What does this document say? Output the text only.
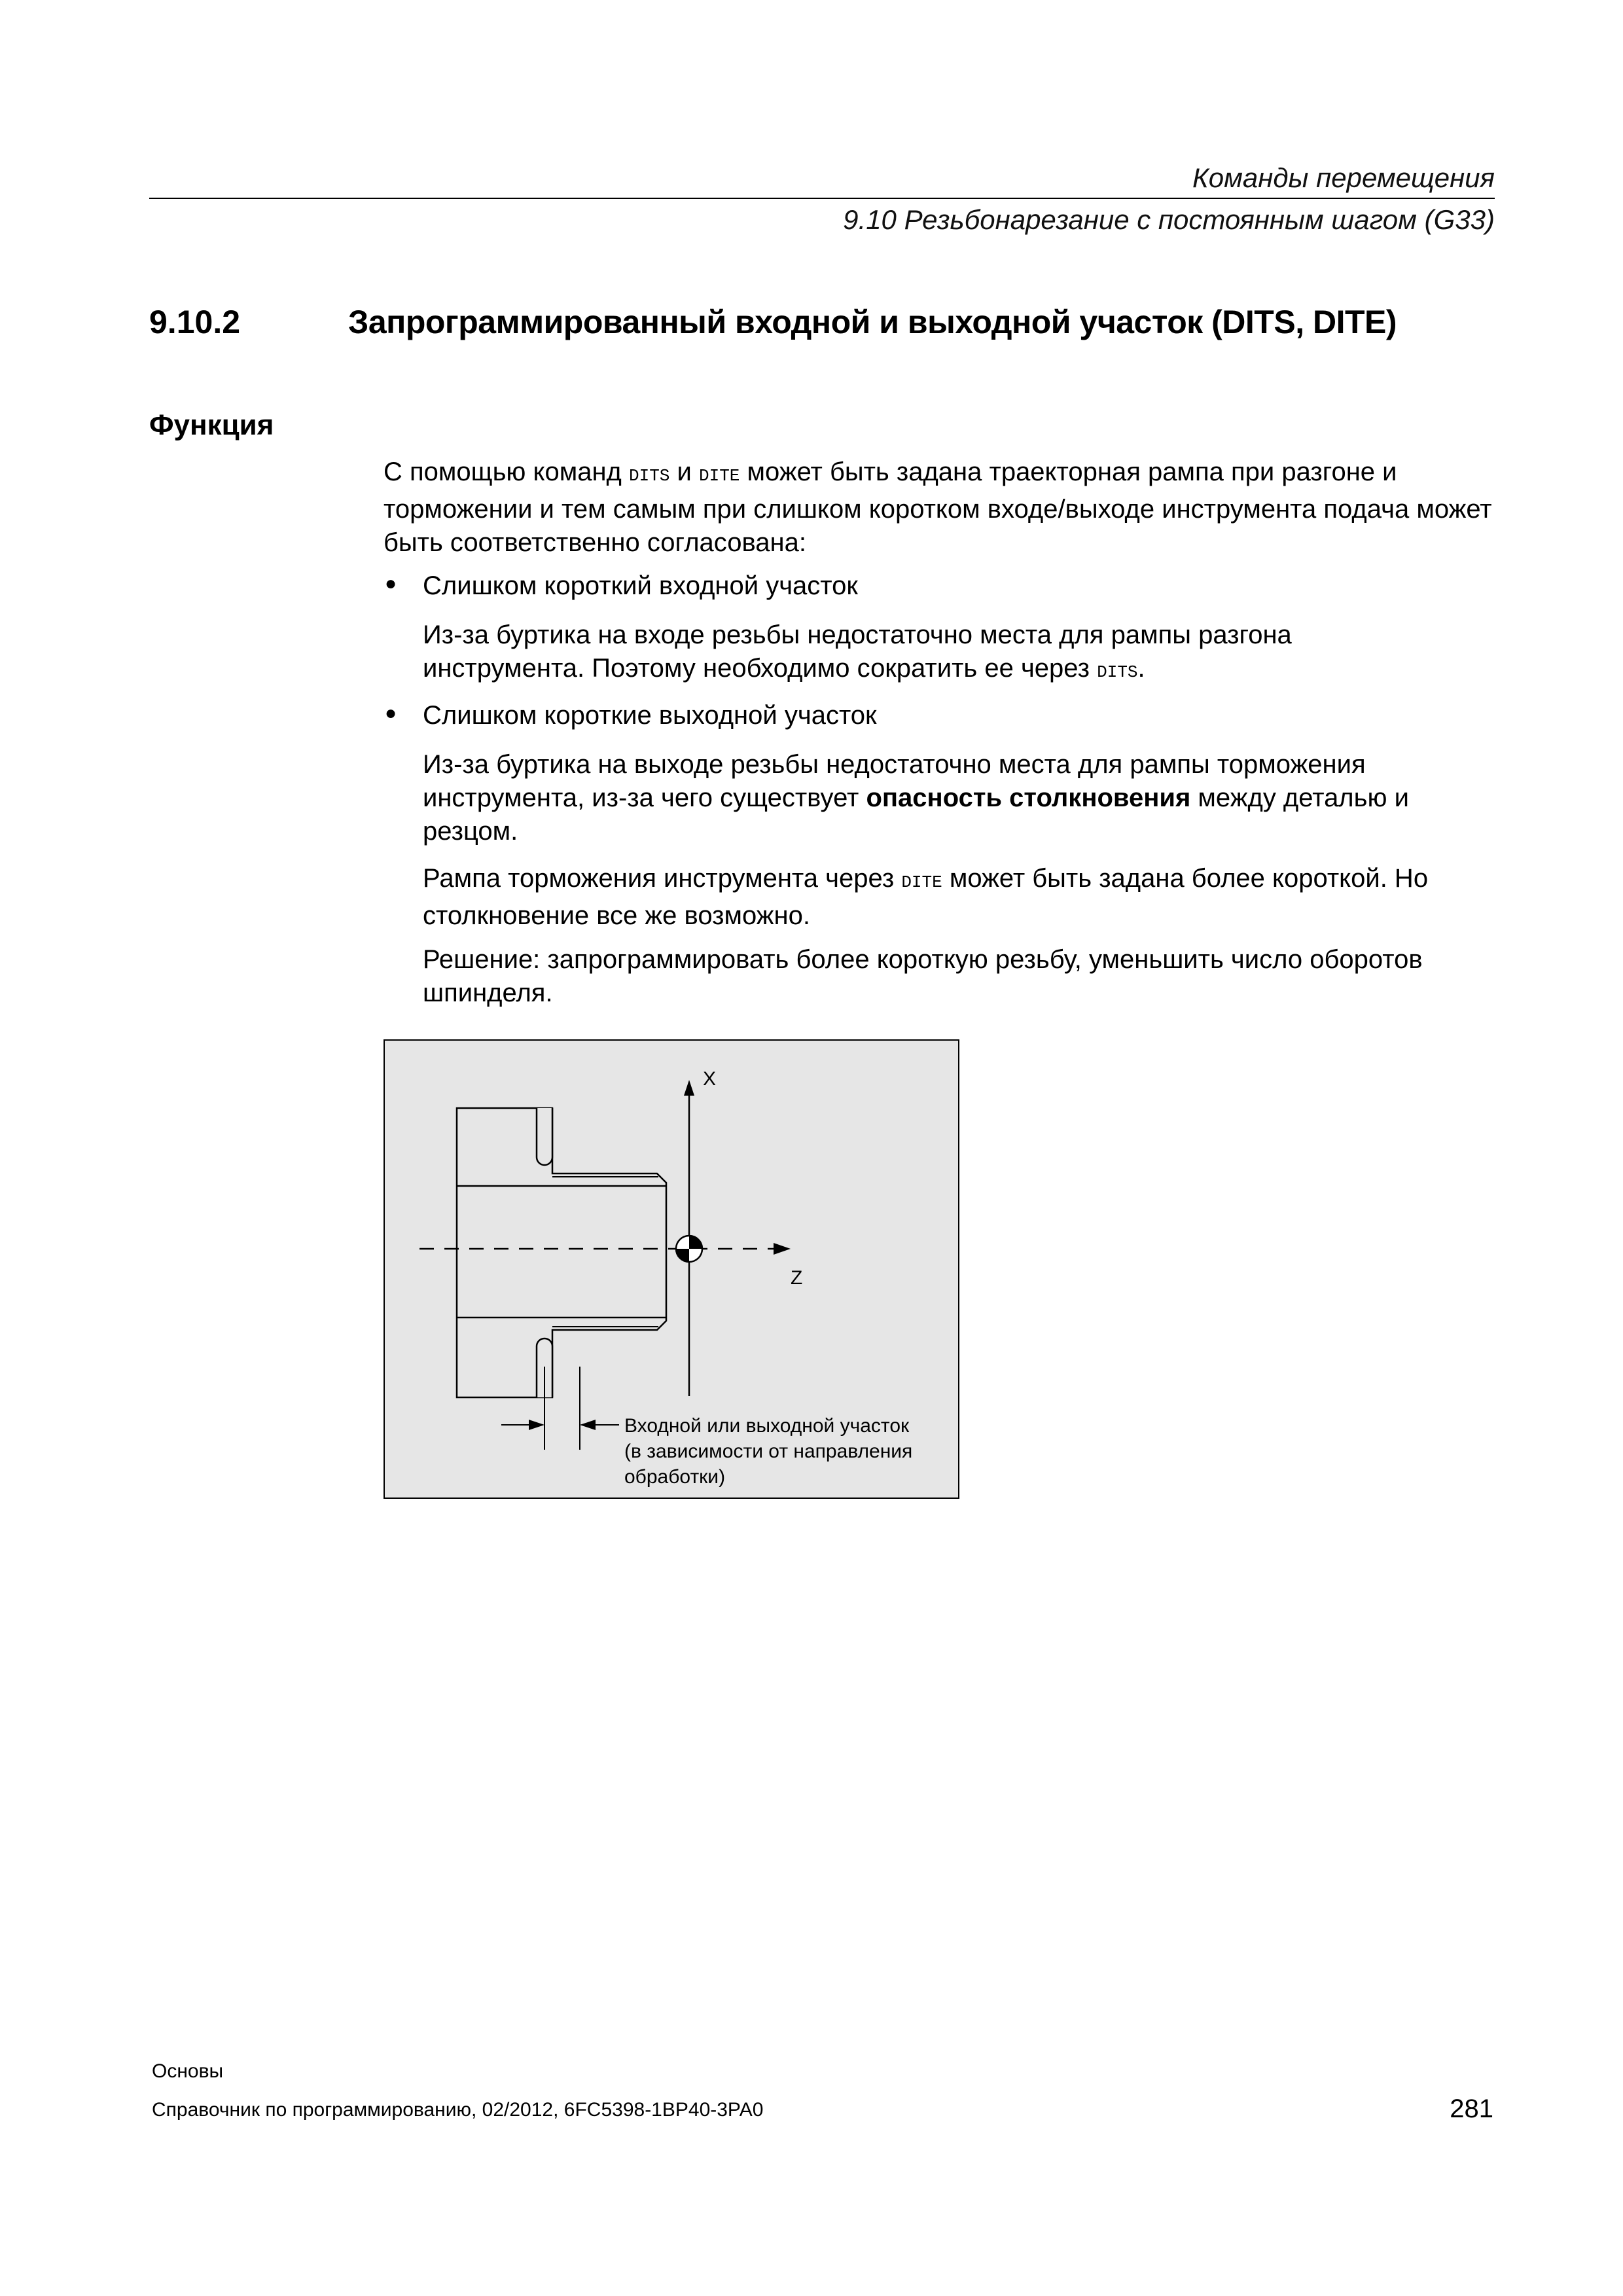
Команды перемещения
9.10 Резьбонарезание с постоянным шагом (G33)
9.10.2	Запрограммированный входной и выходной участок (DITS, DITE)
Функция
С помощью команд DITS и DITE может быть задана траекторная рампа при разгоне и торможении и тем самым при слишком коротком входе/выходе инструмента подача может быть соответственно согласована:
● Слишком короткий входной участок
Из-за буртика на входе резьбы недостаточно места для рампы разгона инструмента. Поэтому необходимо сократить ее через DITS.
● Слишком короткие выходной участок
Из-за буртика на выходе резьбы недостаточно места для рампы торможения инструмента, из-за чего существует опасность столкновения между деталью и резцом.
Рампа торможения инструмента через DITE может быть задана более короткой. Но столкновение все же возможно.
Решение: запрограммировать более короткую резьбу, уменьшить число оборотов шпинделя.
X
Z
Входной или выходной участок
(в зависимости от направления
обработки)
Основы
Справочник по программированию, 02/2012, 6FC5398-1BP40-3PA0	281
